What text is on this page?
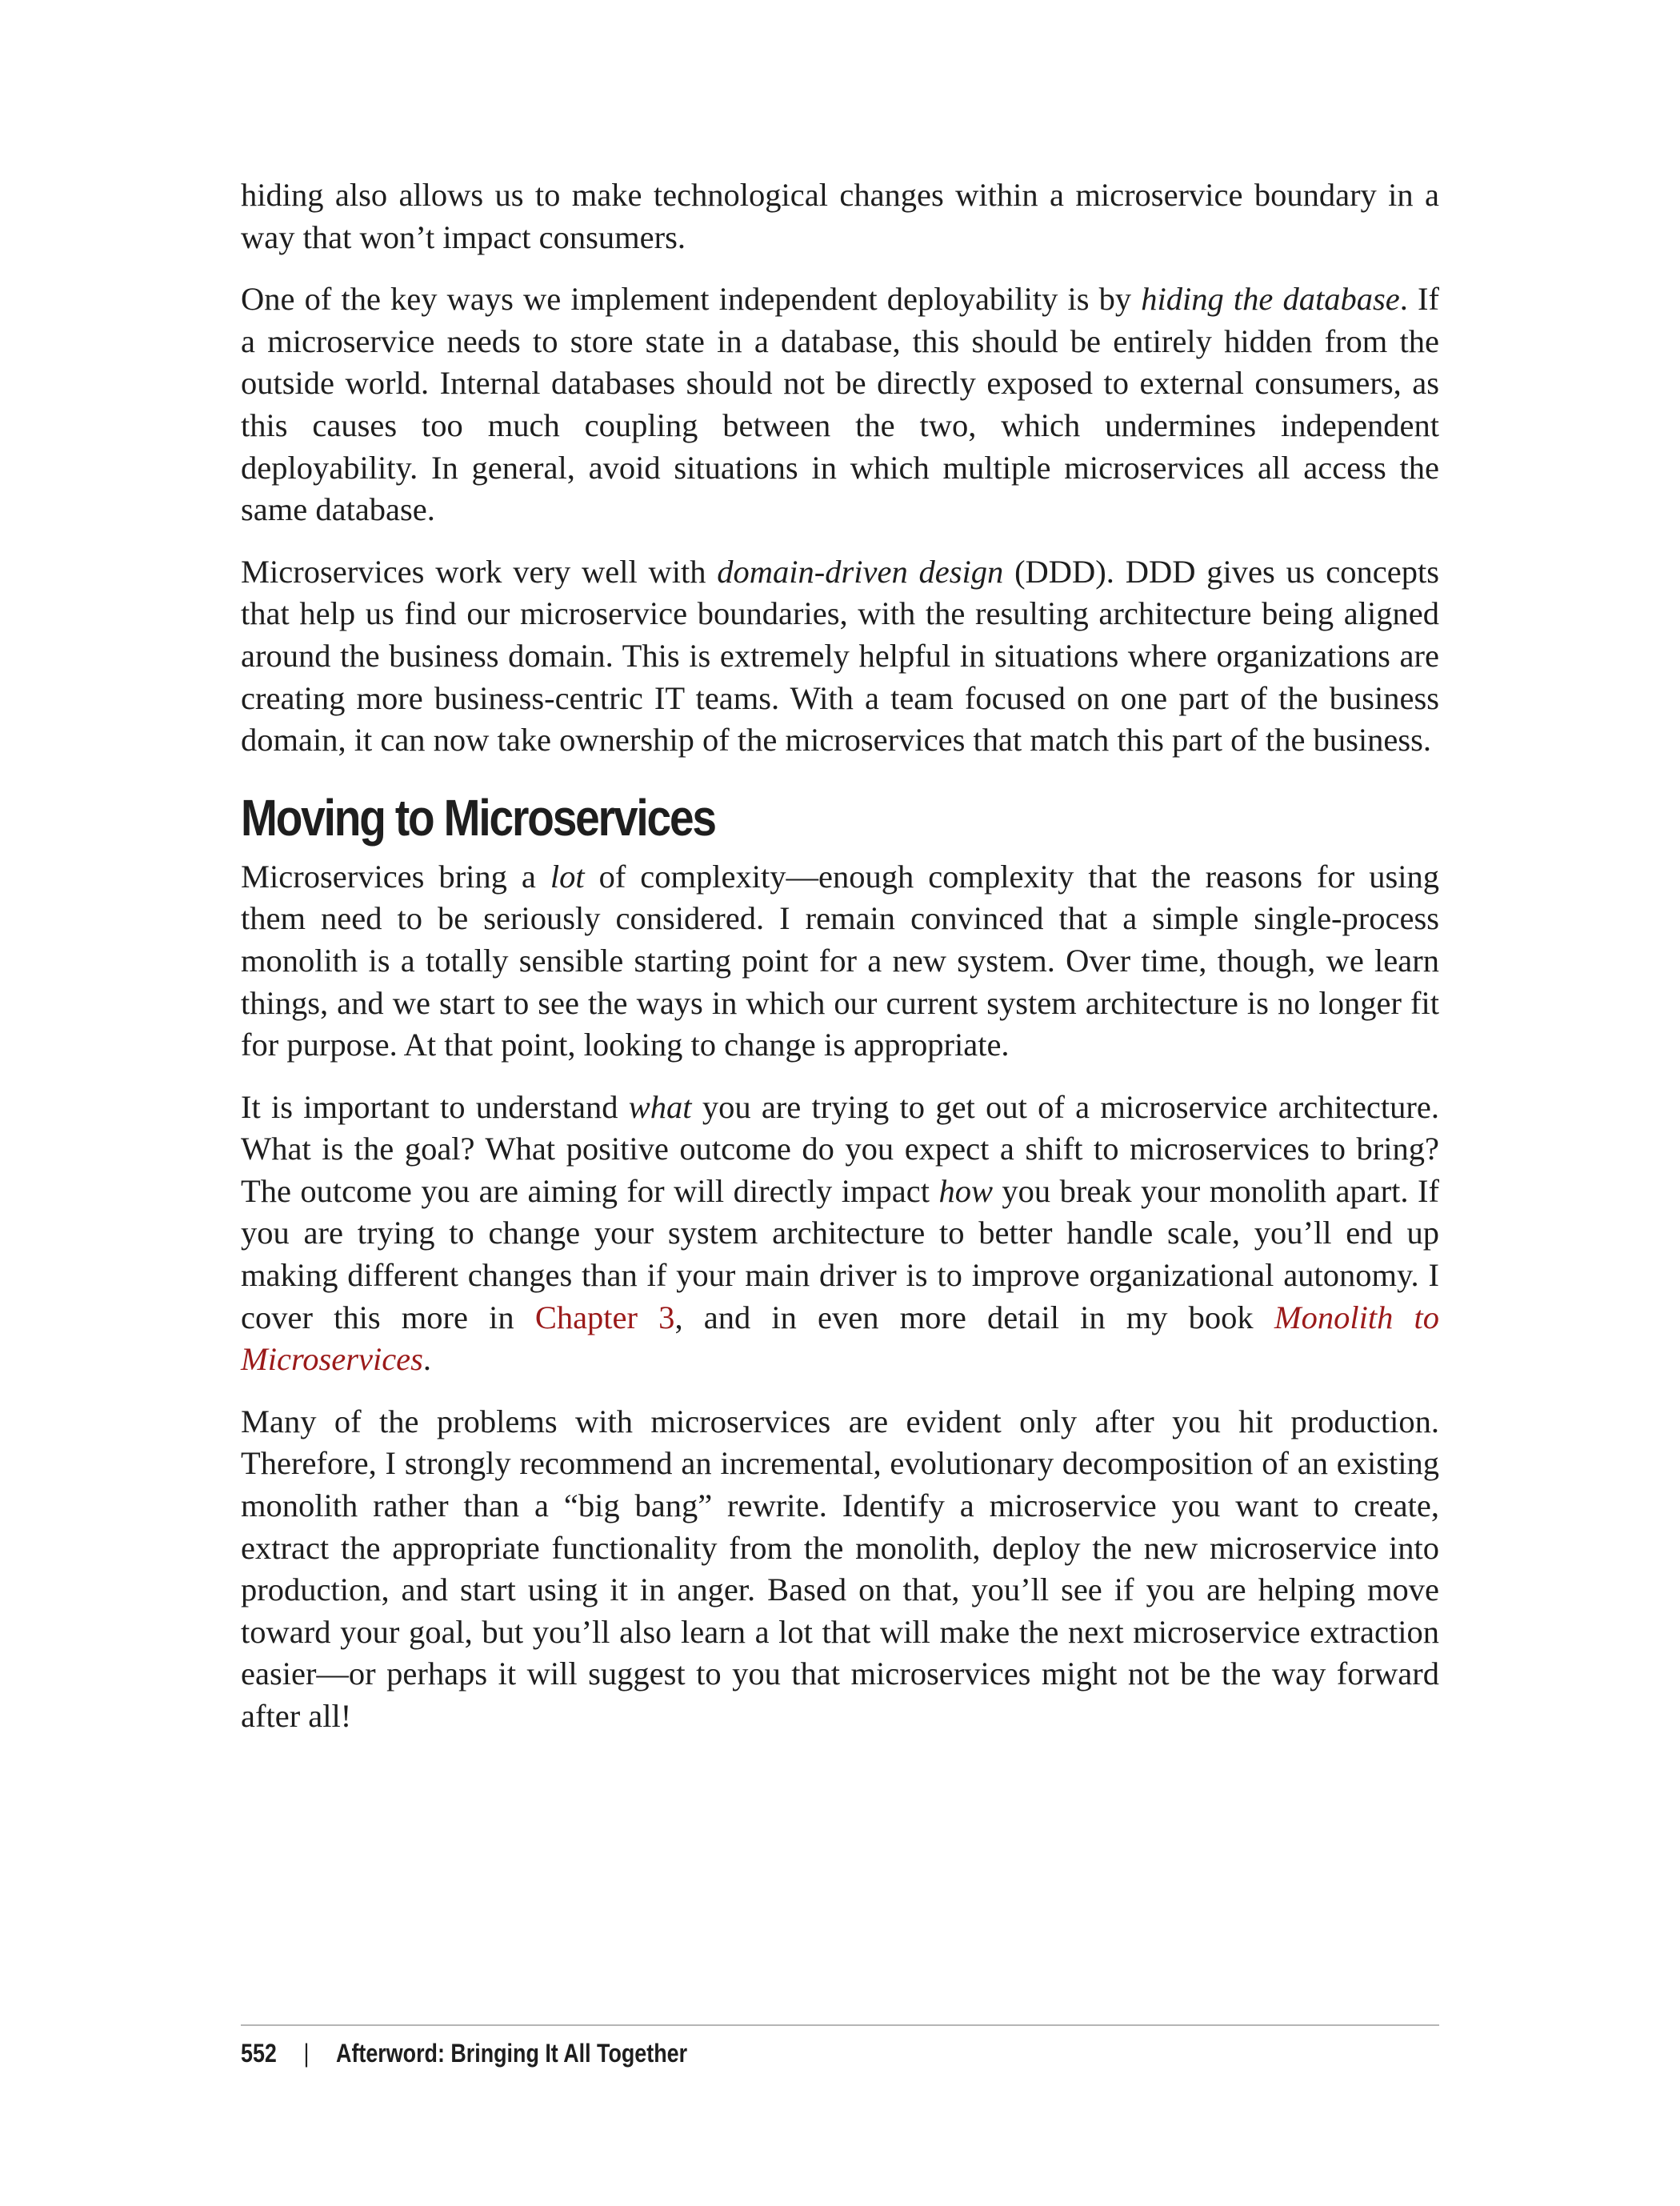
hiding also allows us to make technological changes within a microservice boundary in a way that won’t impact consumers.

One of the key ways we implement independent deployability is by hiding the database. If a microservice needs to store state in a database, this should be entirely hidden from the outside world. Internal databases should not be directly exposed to external consumers, as this causes too much coupling between the two, which undermines independent deployability. In general, avoid situations in which multiple microservices all access the same database.

Microservices work very well with domain-driven design (DDD). DDD gives us concepts that help us find our microservice boundaries, with the resulting architecture being aligned around the business domain. This is extremely helpful in situations where organizations are creating more business-centric IT teams. With a team focused on one part of the business domain, it can now take ownership of the microservices that match this part of the business.

Moving to Microservices

Microservices bring a lot of complexity—enough complexity that the reasons for using them need to be seriously considered. I remain convinced that a simple single-process monolith is a totally sensible starting point for a new system. Over time, though, we learn things, and we start to see the ways in which our current system architecture is no longer fit for purpose. At that point, looking to change is appropriate.

It is important to understand what you are trying to get out of a microservice architecture. What is the goal? What positive outcome do you expect a shift to microservices to bring? The outcome you are aiming for will directly impact how you break your monolith apart. If you are trying to change your system architecture to better handle scale, you’ll end up making different changes than if your main driver is to improve organizational autonomy. I cover this more in Chapter 3, and in even more detail in my book Monolith to Microservices.

Many of the problems with microservices are evident only after you hit production. Therefore, I strongly recommend an incremental, evolutionary decomposition of an existing monolith rather than a “big bang” rewrite. Identify a microservice you want to create, extract the appropriate functionality from the monolith, deploy the new microservice into production, and start using it in anger. Based on that, you’ll see if you are helping move toward your goal, but you’ll also learn a lot that will make the next microservice extraction easier—or perhaps it will suggest to you that microservices might not be the way forward after all!

552 | Afterword: Bringing It All Together
